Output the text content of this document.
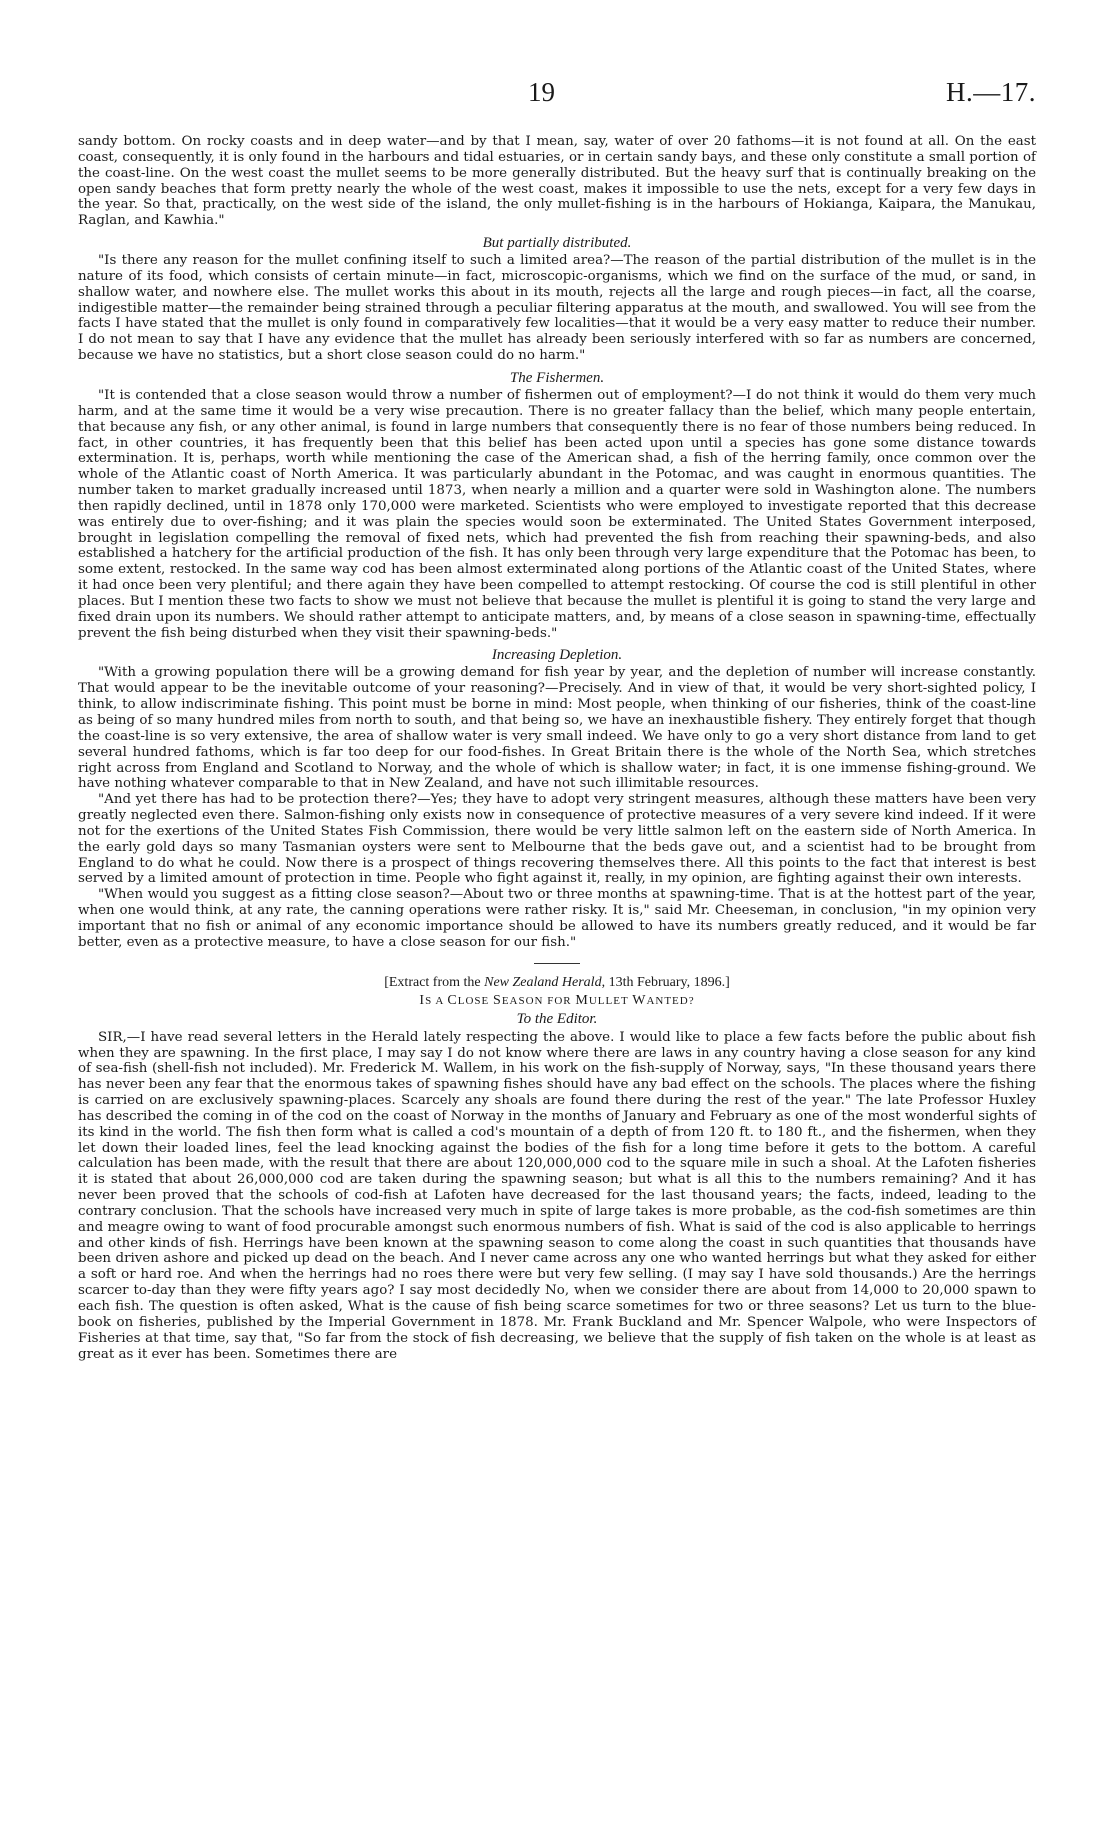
19	H.—17.

sandy bottom. On rocky coasts and in deep water—and by that I mean, say, water of over 20 fathoms—it is not found at all. On the east coast, consequently, it is only found in the harbours and tidal estuaries, or in certain sandy bays, and these only constitute a small portion of the coast-line. On the west coast the mullet seems to be more generally distributed. But the heavy surf that is continually breaking on the open sandy beaches that form pretty nearly the whole of the west coast, makes it impossible to use the nets, except for a very few days in the year. So that, practically, on the west side of the island, the only mullet-fishing is in the harbours of Hokianga, Kaipara, the Manukau, Raglan, and Kawhia."

But partially distributed.

"Is there any reason for the mullet confining itself to such a limited area?—The reason of the partial distribution of the mullet is in the nature of its food, which consists of certain minute—in fact, microscopic-organisms, which we find on the surface of the mud, or sand, in shallow water, and nowhere else. The mullet works this about in its mouth, rejects all the large and rough pieces—in fact, all the coarse, indigestible matter—the remainder being strained through a peculiar filtering apparatus at the mouth, and swallowed. You will see from the facts I have stated that the mullet is only found in comparatively few localities—that it would be a very easy matter to reduce their number. I do not mean to say that I have any evidence that the mullet has already been seriously interfered with so far as numbers are concerned, because we have no statistics, but a short close season could do no harm."

The Fishermen.

"It is contended that a close season would throw a number of fishermen out of employment?—I do not think it would do them very much harm, and at the same time it would be a very wise precaution. There is no greater fallacy than the belief, which many people entertain, that because any fish, or any other animal, is found in large numbers that consequently there is no fear of those numbers being reduced. In fact, in other countries, it has frequently been that this belief has been acted upon until a species has gone some distance towards extermination. It is, perhaps, worth while mentioning the case of the American shad, a fish of the herring family, once common over the whole of the Atlantic coast of North America. It was particularly abundant in the Potomac, and was caught in enormous quantities. The number taken to market gradually increased until 1873, when nearly a million and a quarter were sold in Washington alone. The numbers then rapidly declined, until in 1878 only 170,000 were marketed. Scientists who were employed to investigate reported that this decrease was entirely due to over-fishing; and it was plain the species would soon be exterminated. The United States Government interposed, brought in legislation compelling the removal of fixed nets, which had prevented the fish from reaching their spawning-beds, and also established a hatchery for the artificial production of the fish. It has only been through very large expenditure that the Potomac has been, to some extent, restocked. In the same way cod has been almost exterminated along portions of the Atlantic coast of the United States, where it had once been very plentiful; and there again they have been compelled to attempt restocking. Of course the cod is still plentiful in other places. But I mention these two facts to show we must not believe that because the mullet is plentiful it is going to stand the very large and fixed drain upon its numbers. We should rather attempt to anticipate matters, and, by means of a close season in spawning-time, effectually prevent the fish being disturbed when they visit their spawning-beds."

Increasing Depletion.

"With a growing population there will be a growing demand for fish year by year, and the depletion of number will increase constantly. That would appear to be the inevitable outcome of your reasoning?—Precisely. And in view of that, it would be very short-sighted policy, I think, to allow indiscriminate fishing. This point must be borne in mind: Most people, when thinking of our fisheries, think of the coast-line as being of so many hundred miles from north to south, and that being so, we have an inexhaustible fishery. They entirely forget that though the coast-line is so very extensive, the area of shallow water is very small indeed. We have only to go a very short distance from land to get several hundred fathoms, which is far too deep for our food-fishes. In Great Britain there is the whole of the North Sea, which stretches right across from England and Scotland to Norway, and the whole of which is shallow water; in fact, it is one immense fishing-ground. We have nothing whatever comparable to that in New Zealand, and have not such illimitable resources.

"And yet there has had to be protection there?—Yes; they have to adopt very stringent measures, although these matters have been very greatly neglected even there. Salmon-fishing only exists now in consequence of protective measures of a very severe kind indeed. If it were not for the exertions of the United States Fish Commission, there would be very little salmon left on the eastern side of North America. In the early gold days so many Tasmanian oysters were sent to Melbourne that the beds gave out, and a scientist had to be brought from England to do what he could. Now there is a prospect of things recovering themselves there. All this points to the fact that interest is best served by a limited amount of protection in time. People who fight against it, really, in my opinion, are fighting against their own interests.

"When would you suggest as a fitting close season?—About two or three months at spawning-time. That is at the hottest part of the year, when one would think, at any rate, the canning operations were rather risky. It is," said Mr. Cheeseman, in conclusion, "in my opinion very important that no fish or animal of any economic importance should be allowed to have its numbers greatly reduced, and it would be far better, even as a protective measure, to have a close season for our fish."

[Extract from the New Zealand Herald, 13th February, 1896.]

IS A CLOSE SEASON FOR MULLET WANTED?

To the Editor.

SIR,—I have read several letters in the Herald lately respecting the above. I would like to place a few facts before the public about fish when they are spawning. In the first place, I may say I do not know where there are laws in any country having a close season for any kind of sea-fish (shell-fish not included). Mr. Frederick M. Wallem, in his work on the fish-supply of Norway, says, "In these thousand years there has never been any fear that the enormous takes of spawning fishes should have any bad effect on the schools. The places where the fishing is carried on are exclusively spawning-places. Scarcely any shoals are found there during the rest of the year." The late Professor Huxley has described the coming in of the cod on the coast of Norway in the months of January and February as one of the most wonderful sights of its kind in the world. The fish then form what is called a cod's mountain of a depth of from 120 ft. to 180 ft., and the fishermen, when they let down their loaded lines, feel the lead knocking against the bodies of the fish for a long time before it gets to the bottom. A careful calculation has been made, with the result that there are about 120,000,000 cod to the square mile in such a shoal. At the Lafoten fisheries it is stated that about 26,000,000 cod are taken during the spawning season; but what is all this to the numbers remaining? And it has never been proved that the schools of cod-fish at Lafoten have decreased for the last thousand years; the facts, indeed, leading to the contrary conclusion. That the schools have increased very much in spite of large takes is more probable, as the cod-fish sometimes are thin and meagre owing to want of food procurable amongst such enormous numbers of fish. What is said of the cod is also applicable to herrings and other kinds of fish. Herrings have been known at the spawning season to come along the coast in such quantities that thousands have been driven ashore and picked up dead on the beach. And I never came across any one who wanted herrings but what they asked for either a soft or hard roe. And when the herrings had no roes there were but very few selling. (I may say I have sold thousands.) Are the herrings scarcer to-day than they were fifty years ago? I say most decidedly No, when we consider there are about from 14,000 to 20,000 spawn to each fish. The question is often asked, What is the cause of fish being scarce sometimes for two or three seasons? Let us turn to the blue-book on fisheries, published by the Imperial Government in 1878. Mr. Frank Buckland and Mr. Spencer Walpole, who were Inspectors of Fisheries at that time, say that, "So far from the stock of fish decreasing, we believe that the supply of fish taken on the whole is at least as great as it ever has been. Sometimes there are
